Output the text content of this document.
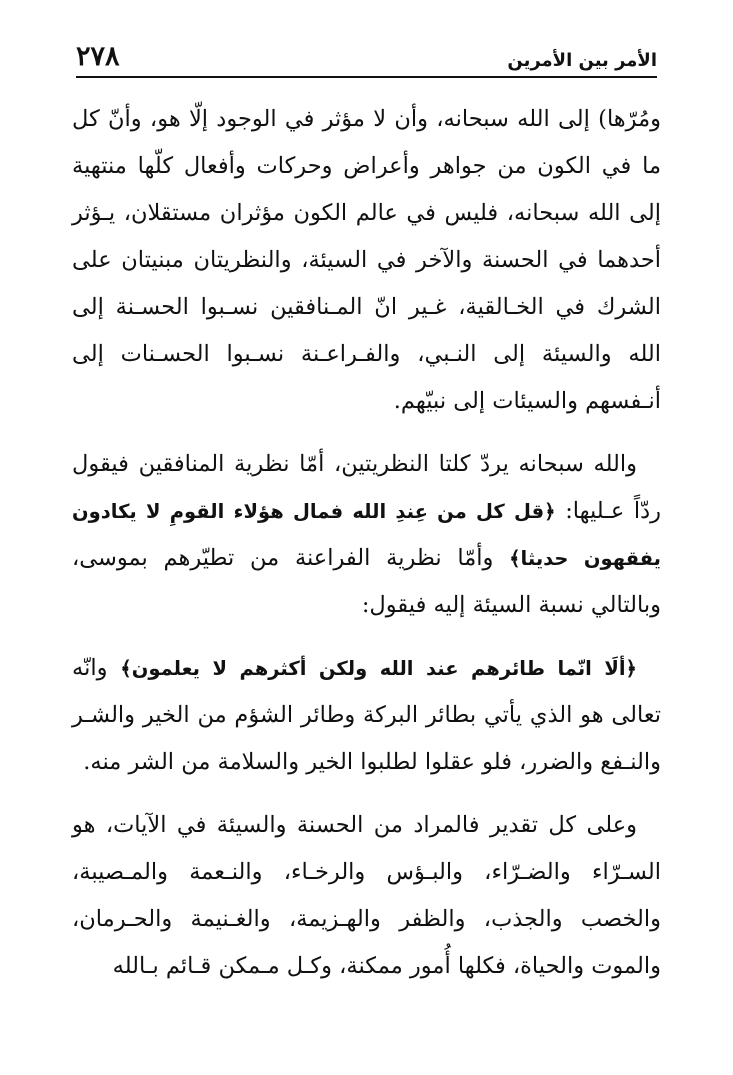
٢٧٨	الأمر بين الأمرين

ومُرّها) إلى الله سبحانه، وأن لا مؤثر في الوجود إلّا هو، وأنّ كل ما في الكون من جواهر وأعراض وحركات وأفعال كلّها منتهية إلى الله سبحانه، فليس في عالم الكون مؤثران مستقلان، يـؤثر أحدهما في الحسنة والآخر في السيئة، والنظريتان مبنيتان على الشرك في الخـالقية، غـير انّ المـنافقين نسـبوا الحسـنة إلى الله والسيئة إلى النـبي، والفـراعـنة نسـبوا الحسـنات إلى أنـفسهم والسيئات إلى نبيّهم.

والله سبحانه يردّ كلتا النظريتين، أمّا نظرية المنافقين فيقول ردّاً عـليها: ﴿قل كل من عِندِ الله فمال هؤلاء القومِ لا يكادون يفقهون حديثا﴾ وأمّا نظرية الفراعنة من تطيّرهم بموسى، وبالتالي نسبة السيئة إليه فيقول:

﴿ألَا انّما طائرهم عند الله ولكن أكثرهم لا يعلمون﴾ وانّه تعالى هو الذي يأتي بطائر البركة وطائر الشؤم من الخير والشـر والنـفع والضرر، فلو عقلوا لطلبوا الخير والسلامة من الشر منه.

وعلى كل تقدير فالمراد من الحسنة والسيئة في الآيات، هو السـرّاء والضـرّاء، والبـؤس والرخـاء، والنـعمة والمـصيبة، والخصب والجذب، والظفر والهـزيمة، والغـنيمة والحـرمان، والموت والحياة، فكلها أُمور ممكنة، وكـل مـمكن قـائم بـالله
